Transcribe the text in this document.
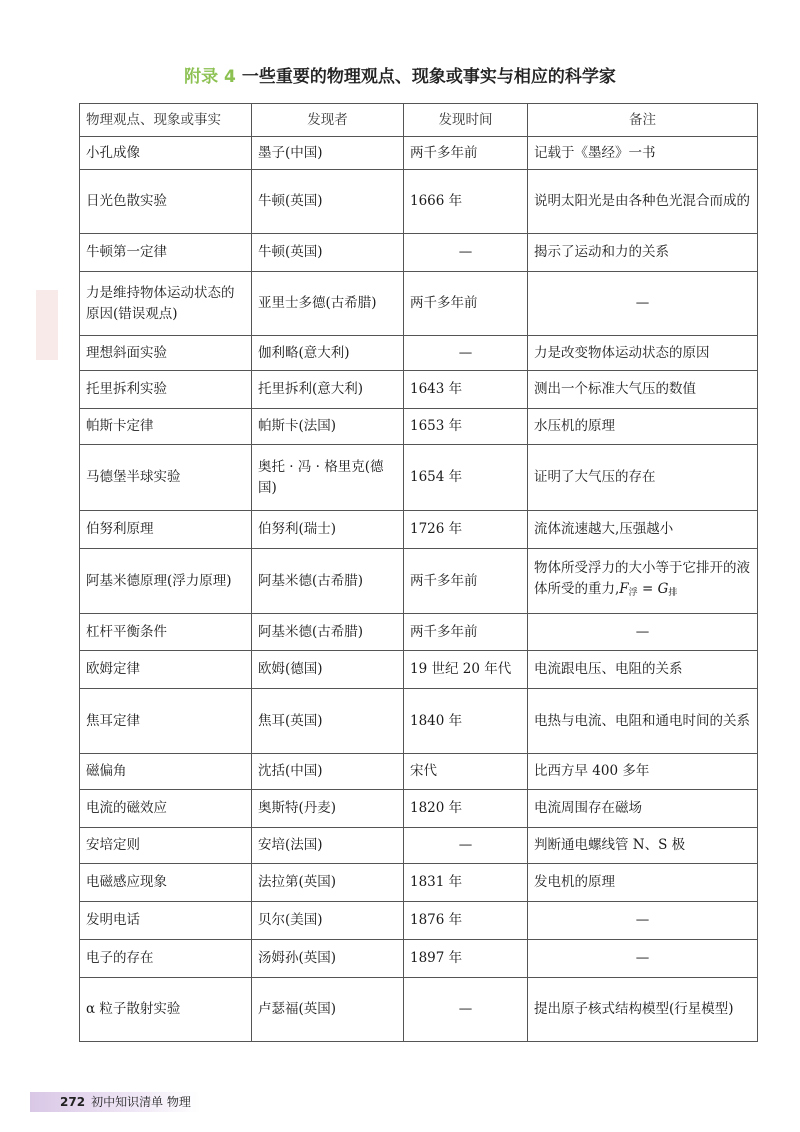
附录 4 一些重要的物理观点、现象或事实与相应的科学家
物理观点、现象或事实	发现者	发现时间	备注
小孔成像	墨子(中国)	两千多年前	记载于《墨经》一书
日光色散实验	牛顿(英国)	1666 年	说明太阳光是由各种色光混合而成的
牛顿第一定律	牛顿(英国)	—	揭示了运动和力的关系
力是维持物体运动状态的原因(错误观点)	亚里士多德(古希腊)	两千多年前	—
理想斜面实验	伽利略(意大利)	—	力是改变物体运动状态的原因
托里拆利实验	托里拆利(意大利)	1643 年	测出一个标准大气压的数值
帕斯卡定律	帕斯卡(法国)	1653 年	水压机的原理
马德堡半球实验	奥托 · 冯 · 格里克(德国)	1654 年	证明了大气压的存在
伯努利原理	伯努利(瑞士)	1726 年	流体流速越大,压强越小
阿基米德原理(浮力原理)	阿基米德(古希腊)	两千多年前	物体所受浮力的大小等于它排开的液体所受的重力$,F_浮 = G_排$
杠杆平衡条件	阿基米德(古希腊)	两千多年前	—
欧姆定律	欧姆(德国)	19 世纪 20 年代	电流跟电压、电阻的关系
焦耳定律	焦耳(英国)	1840 年	电热与电流、电阻和通电时间的关系
磁偏角	沈括(中国)	宋代	比西方早 400 多年
电流的磁效应	奥斯特(丹麦)	1820 年	电流周围存在磁场
安培定则	安培(法国)	—	判断通电螺线管 N、S 极
电磁感应现象	法拉第(英国)	1831 年	发电机的原理
发明电话	贝尔(美国)	1876 年	—
电子的存在	汤姆孙(英国)	1897 年	—
α 粒子散射实验	卢瑟福(英国)	—	提出原子核式结构模型(行星模型)
272 初中知识清单 物理
